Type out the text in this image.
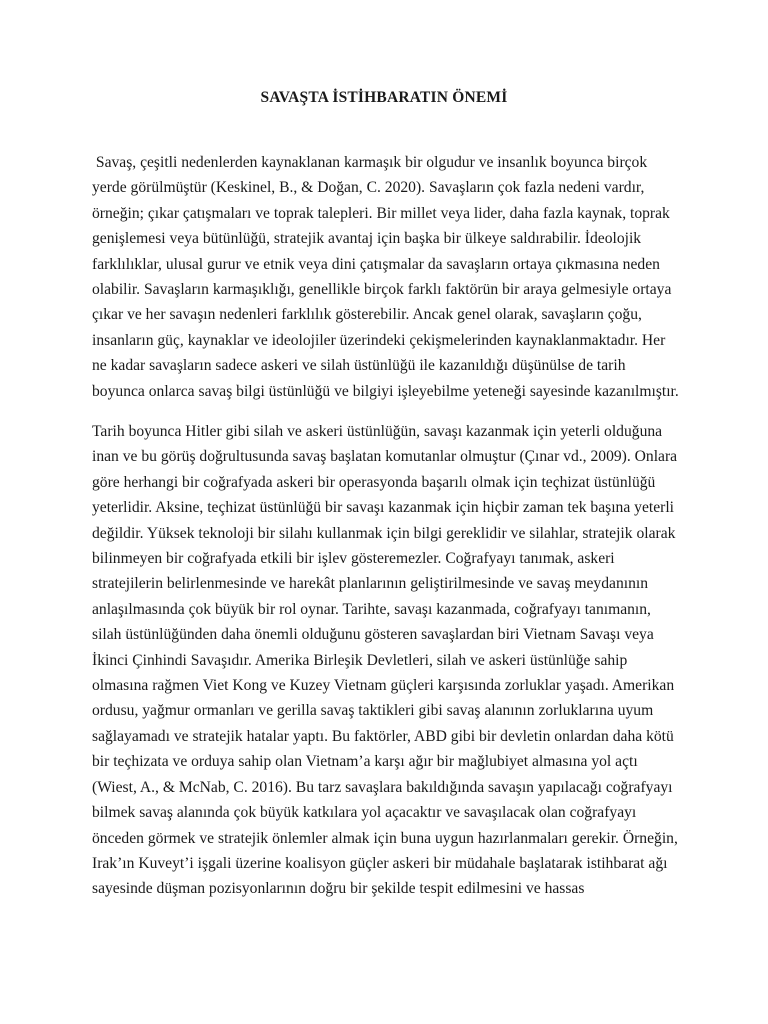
SAVAŞTA İSTİHBARATIN ÖNEMİ

Savaş, çeşitli nedenlerden kaynaklanan karmaşık bir olgudur ve insanlık boyunca birçok
yerde görülmüştür (Keskinel, B., & Doğan, C. 2020). Savaşların çok fazla nedeni vardır,
örneğin; çıkar çatışmaları ve toprak talepleri. Bir millet veya lider, daha fazla kaynak, toprak
genişlemesi veya bütünlüğü, stratejik avantaj için başka bir ülkeye saldırabilir. İdeolojik
farklılıklar, ulusal gurur ve etnik veya dini çatışmalar da savaşların ortaya çıkmasına neden
olabilir. Savaşların karmaşıklığı, genellikle birçok farklı faktörün bir araya gelmesiyle ortaya
çıkar ve her savaşın nedenleri farklılık gösterebilir. Ancak genel olarak, savaşların çoğu,
insanların güç, kaynaklar ve ideolojiler üzerindeki çekişmelerinden kaynaklanmaktadır. Her
ne kadar savaşların sadece askeri ve silah üstünlüğü ile kazanıldığı düşünülse de tarih
boyunca onlarca savaş bilgi üstünlüğü ve bilgiyi işleyebilme yeteneği sayesinde kazanılmıştır.

Tarih boyunca Hitler gibi silah ve askeri üstünlüğün, savaşı kazanmak için yeterli olduğuna
inan ve bu görüş doğrultusunda savaş başlatan komutanlar olmuştur (Çınar vd., 2009). Onlara
göre herhangi bir coğrafyada askeri bir operasyonda başarılı olmak için teçhizat üstünlüğü
yeterlidir. Aksine, teçhizat üstünlüğü bir savaşı kazanmak için hiçbir zaman tek başına yeterli
değildir. Yüksek teknoloji bir silahı kullanmak için bilgi gereklidir ve silahlar, stratejik olarak
bilinmeyen bir coğrafyada etkili bir işlev gösteremezler. Coğrafyayı tanımak, askeri
stratejilerin belirlenmesinde ve harekât planlarının geliştirilmesinde ve savaş meydanının
anlaşılmasında çok büyük bir rol oynar. Tarihte, savaşı kazanmada, coğrafyayı tanımanın,
silah üstünlüğünden daha önemli olduğunu gösteren savaşlardan biri Vietnam Savaşı veya
İkinci Çinhindi Savaşıdır. Amerika Birleşik Devletleri, silah ve askeri üstünlüğe sahip
olmasına rağmen Viet Kong ve Kuzey Vietnam güçleri karşısında zorluklar yaşadı. Amerikan
ordusu, yağmur ormanları ve gerilla savaş taktikleri gibi savaş alanının zorluklarına uyum
sağlayamadı ve stratejik hatalar yaptı. Bu faktörler, ABD gibi bir devletin onlardan daha kötü
bir teçhizata ve orduya sahip olan Vietnam’a karşı ağır bir mağlubiyet almasına yol açtı
(Wiest, A., & McNab, C. 2016). Bu tarz savaşlara bakıldığında savaşın yapılacağı coğrafyayı
bilmek savaş alanında çok büyük katkılara yol açacaktır ve savaşılacak olan coğrafyayı
önceden görmek ve stratejik önlemler almak için buna uygun hazırlanmaları gerekir. Örneğin,
Irak’ın Kuveyt’i işgali üzerine koalisyon güçler askeri bir müdahale başlatarak istihbarat ağı
sayesinde düşman pozisyonlarının doğru bir şekilde tespit edilmesini ve hassas
